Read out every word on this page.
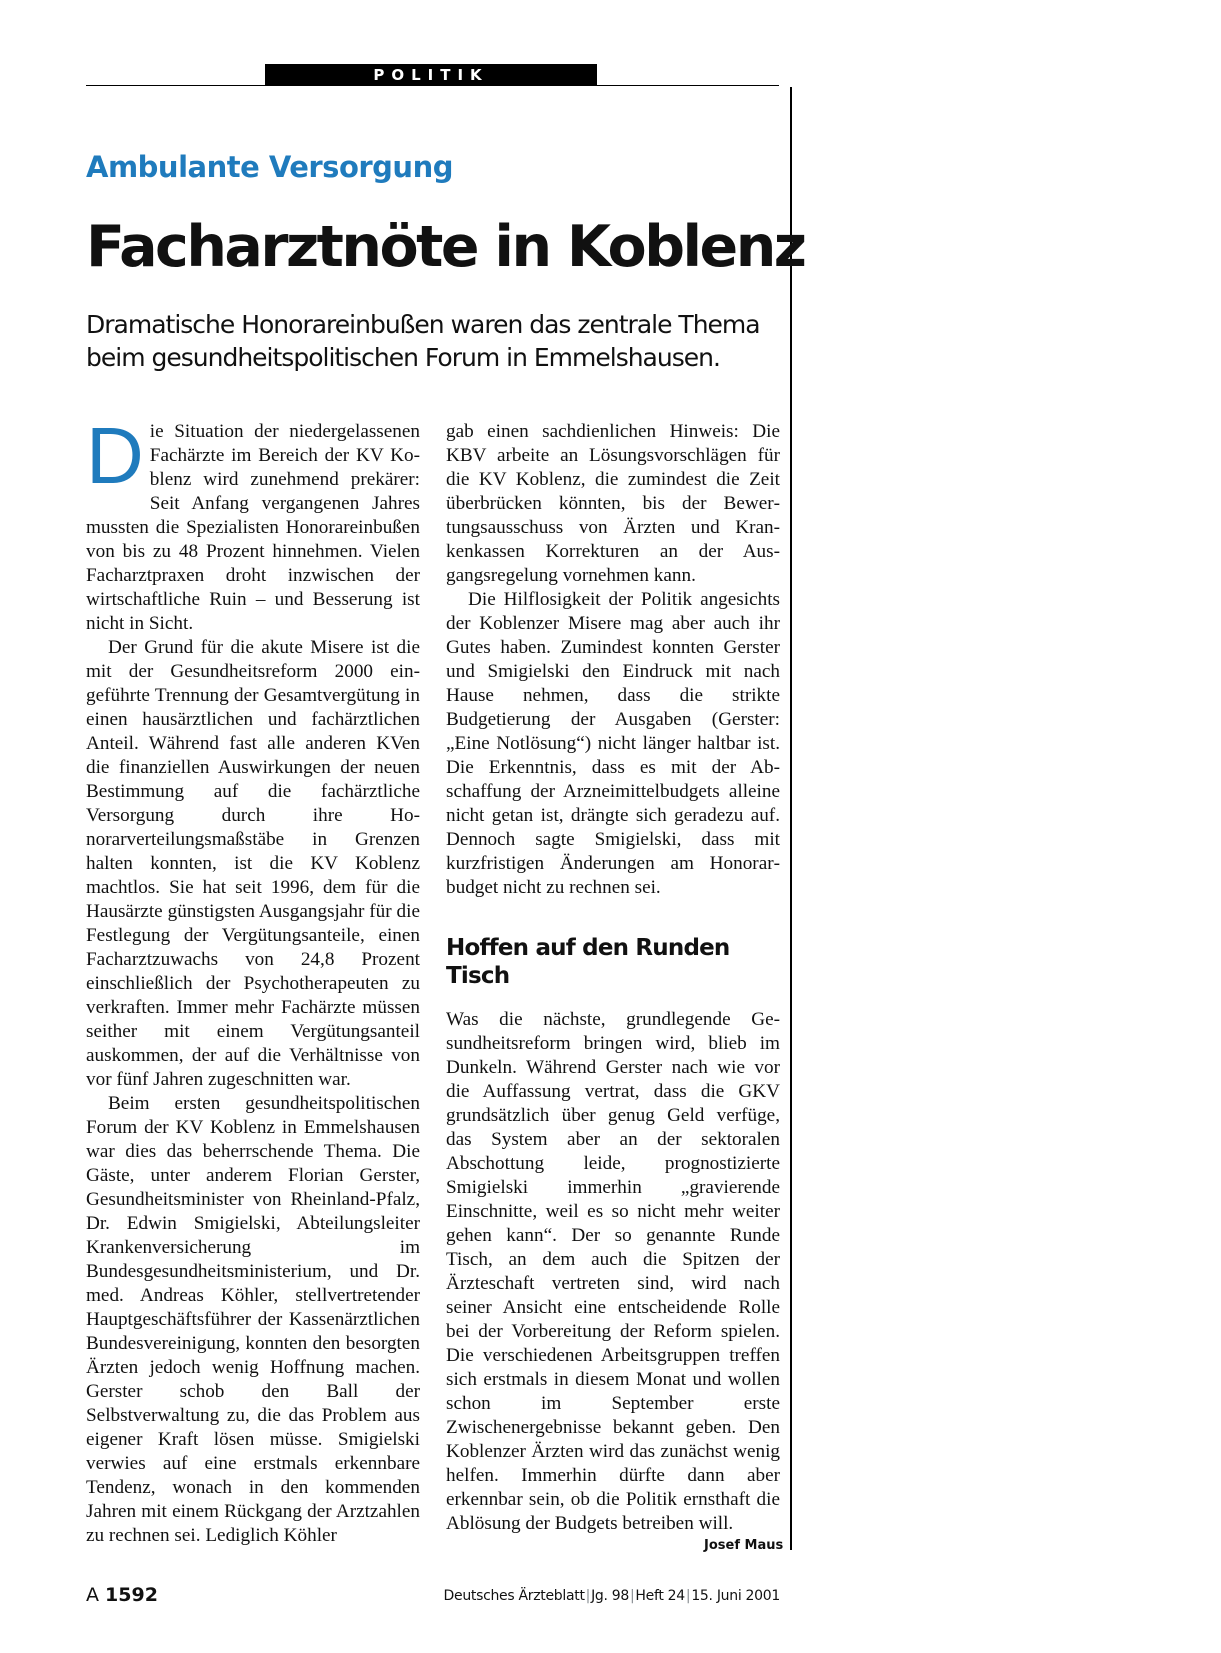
POLITIK
Ambulante Versorgung
Facharztnöte in Koblenz
Dramatische Honorareinbußen waren das zentrale Thema beim gesundheitspolitischen Forum in Emmelshausen.

Die Situation der niedergelassenen Fachärzte im Bereich der KV Koblenz wird zunehmend prekärer: Seit Anfang vergangenen Jahres mussten die Spezialisten Honorareinbußen von bis zu 48 Prozent hinnehmen. Vielen Facharztpraxen droht inzwischen der wirtschaftliche Ruin – und Besserung ist nicht in Sicht.

Der Grund für die akute Misere ist die mit der Gesundheitsreform 2000 eingeführte Trennung der Gesamtvergütung in einen hausärztlichen und fachärztlichen Anteil. Während fast alle anderen KVen die finanziellen Auswirkungen der neuen Bestimmung auf die fachärztliche Versorgung durch ihre Honorarverteilungsmaßstäbe in Grenzen halten konnten, ist die KV Koblenz machtlos. Sie hat seit 1996, dem für die Hausärzte günstigsten Ausgangsjahr für die Festlegung der Vergütungsanteile, einen Facharztzuwachs von 24,8 Prozent einschließlich der Psychotherapeuten zu verkraften. Immer mehr Fachärzte müssen seither mit einem Vergütungsanteil auskommen, der auf die Verhältnisse von vor fünf Jahren zugeschnitten war.

Beim ersten gesundheitspolitischen Forum der KV Koblenz in Emmelshausen war dies das beherrschende Thema. Die Gäste, unter anderem Florian Gerster, Gesundheitsminister von Rheinland-Pfalz, Dr. Edwin Smigielski, Abteilungsleiter Krankenversicherung im Bundesgesundheitsministerium, und Dr. med. Andreas Köhler, stellvertretender Hauptgeschäftsführer der Kassenärztlichen Bundesvereinigung, konnten den besorgten Ärzten jedoch wenig Hoffnung machen. Gerster schob den Ball der Selbstverwaltung zu, die das Problem aus eigener Kraft lösen müsse. Smigielski verwies auf eine erstmals erkennbare Tendenz, wonach in den kommenden Jahren mit einem Rückgang der Arztzahlen zu rechnen sei. Lediglich Köhler

gab einen sachdienlichen Hinweis: Die KBV arbeite an Lösungsvorschlägen für die KV Koblenz, die zumindest die Zeit überbrücken könnten, bis der Bewertungsausschuss von Ärzten und Krankenkassen Korrekturen an der Ausgangsregelung vornehmen kann.

Die Hilflosigkeit der Politik angesichts der Koblenzer Misere mag aber auch ihr Gutes haben. Zumindest konnten Gerster und Smigielski den Eindruck mit nach Hause nehmen, dass die strikte Budgetierung der Ausgaben (Gerster: „Eine Notlösung“) nicht länger haltbar ist. Die Erkenntnis, dass es mit der Abschaffung der Arzneimittelbudgets alleine nicht getan ist, drängte sich geradezu auf. Dennoch sagte Smigielski, dass mit kurzfristigen Änderungen am Honorarbudget nicht zu rechnen sei.

Hoffen auf den Runden Tisch

Was die nächste, grundlegende Gesundheitsreform bringen wird, blieb im Dunkeln. Während Gerster nach wie vor die Auffassung vertrat, dass die GKV grundsätzlich über genug Geld verfüge, das System aber an der sektoralen Abschottung leide, prognostizierte Smigielski immerhin „gravierende Einschnitte, weil es so nicht mehr weiter gehen kann“. Der so genannte Runde Tisch, an dem auch die Spitzen der Ärzteschaft vertreten sind, wird nach seiner Ansicht eine entscheidende Rolle bei der Vorbereitung der Reform spielen. Die verschiedenen Arbeitsgruppen treffen sich erstmals in diesem Monat und wollen schon im September erste Zwischenergebnisse bekannt geben. Den Koblenzer Ärzten wird das zunächst wenig helfen. Immerhin dürfte dann aber erkennbar sein, ob die Politik ernsthaft die Ablösung der Budgets betreiben will.

Josef Maus
A 1592	Deutsches Ärzteblatt|Jg. 98|Heft 24|15. Juni 2001
